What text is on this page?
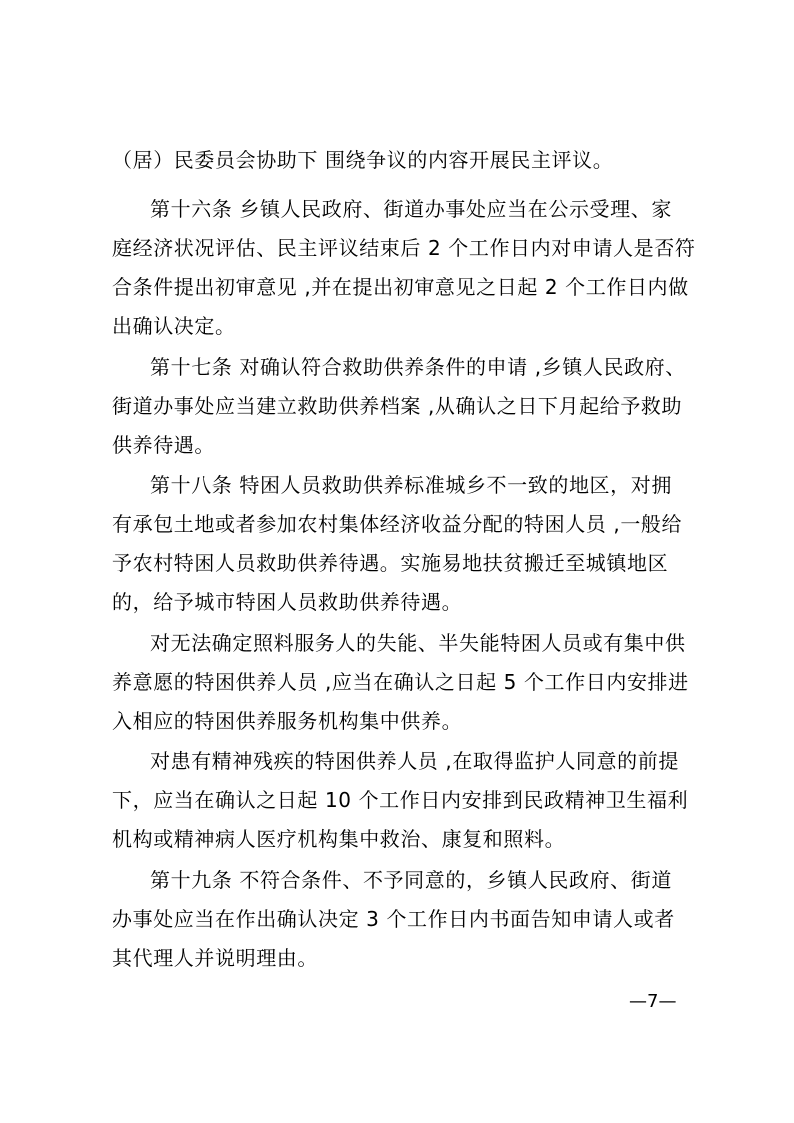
（居）民委员会协助下 围绕争议的内容开展民主评议。
第十六条 乡镇人民政府、街道办事处应当在公示受理、家
庭经济状况评估、民主评议结束后 2 个工作日内对申请人是否符
合条件提出初审意见 ,并在提出初审意见之日起 2 个工作日内做
出确认决定。
第十七条 对确认符合救助供养条件的申请 ,乡镇人民政府、
街道办事处应当建立救助供养档案 ,从确认之日下月起给予救助
供养待遇。
第十八条 特困人员救助供养标准城乡不一致的地区，对拥
有承包土地或者参加农村集体经济收益分配的特困人员 ,一般给
予农村特困人员救助供养待遇。实施易地扶贫搬迁至城镇地区
的，给予城市特困人员救助供养待遇。
对无法确定照料服务人的失能、半失能特困人员或有集中供
养意愿的特困供养人员 ,应当在确认之日起 5 个工作日内安排进
入相应的特困供养服务机构集中供养。
对患有精神残疾的特困供养人员 ,在取得监护人同意的前提
下，应当在确认之日起 10 个工作日内安排到民政精神卫生福利
机构或精神病人医疗机构集中救治、康复和照料。
第十九条 不符合条件、不予同意的，乡镇人民政府、街道
办事处应当在作出确认决定 3 个工作日内书面告知申请人或者
其代理人并说明理由。
—7—
